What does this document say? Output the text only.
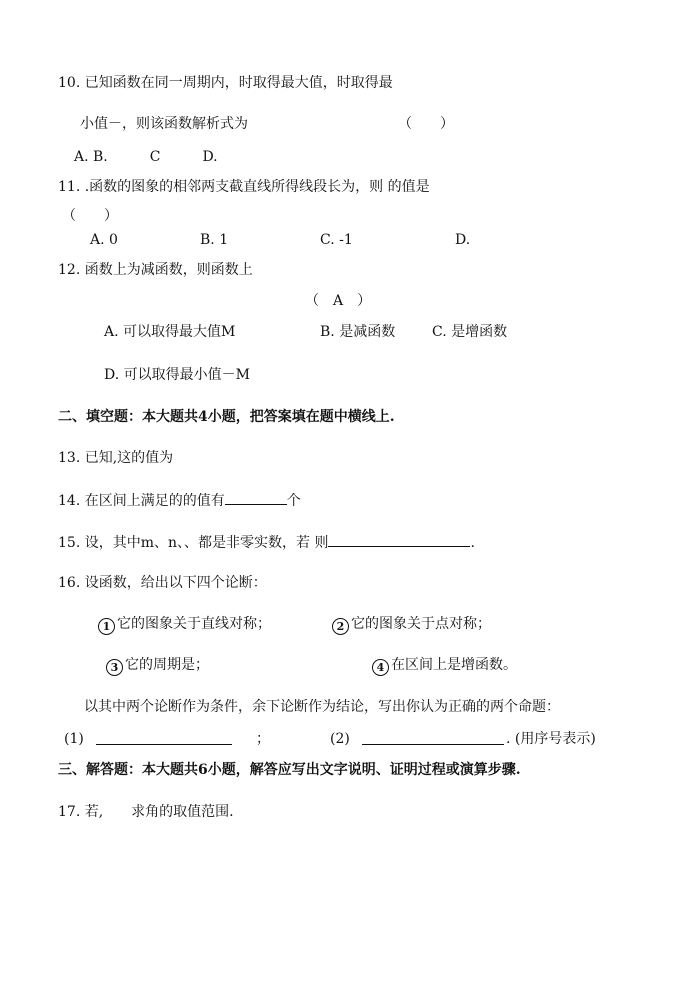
10. 已知函数在同一周期内，时取得最大值，时取得最
小值－，则该函数解析式为	（　　）
A. B.　　　C　　　D.
11. .函数的图象的相邻两支截直线所得线段长为，则 的值是
（　　）
A. 0	B. 1	C. -1	D.
12. 函数上为减函数，则函数上
（　A　）
A. 可以取得最大值M	B. 是减函数	C. 是增函数
D. 可以取得最小值－M
二、填空题：本大题共4小题，把答案填在题中横线上.
13. 已知,这的值为
14. 在区间上满足的的值有	个
15. 设，其中m、n、、都是非零实数，若 则	.
16. 设函数，给出以下四个论断：
1 它的图象关于直线对称；	2 它的图象关于点对称；
3 它的周期是；	4 在区间上是增函数。
以其中两个论断作为条件，余下论断作为结论，写出你认为正确的两个命题：
(1)	；	(2)	. (用序号表示)
三、解答题：本大题共6小题，解答应写出文字说明、证明过程或演算步骤.
17. 若,　　求角的取值范围.
